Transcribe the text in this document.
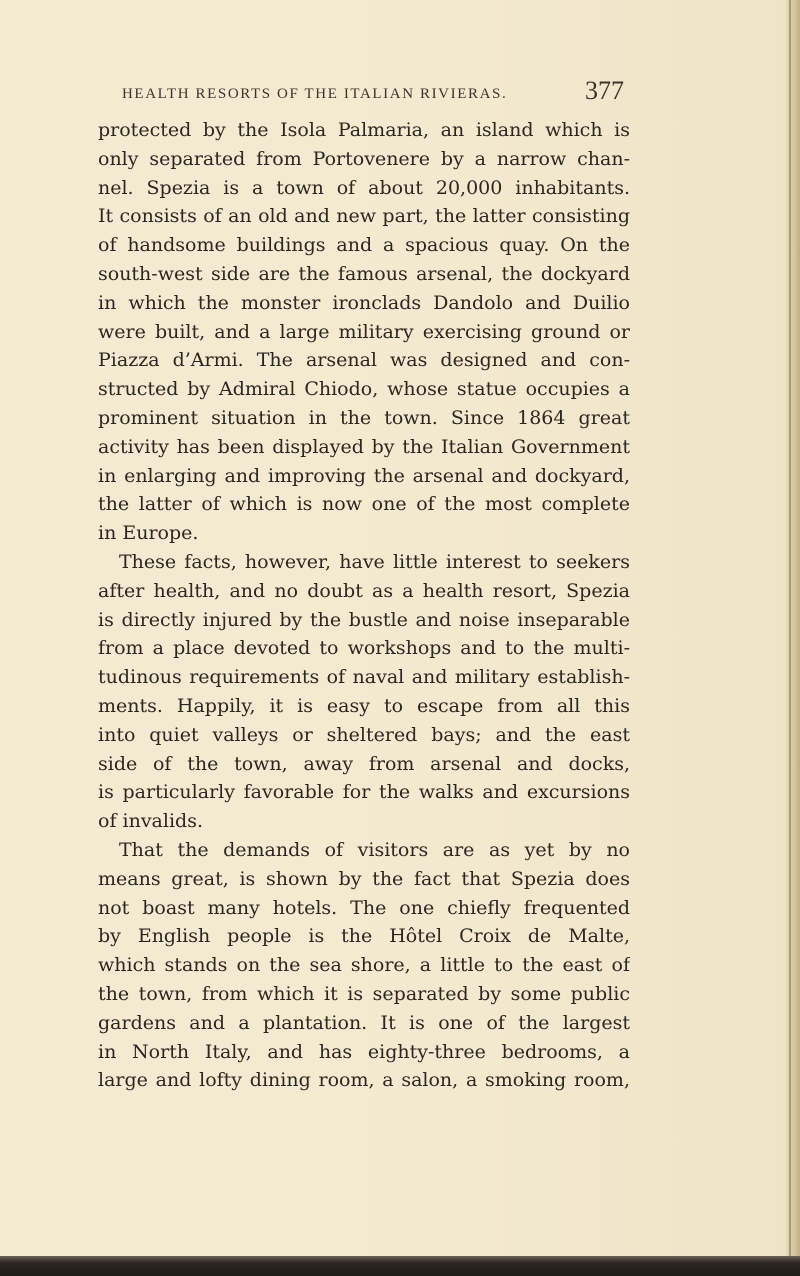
HEALTH RESORTS OF THE ITALIAN RIVIERAS.	377
protected by the Isola Palmaria, an island which is
only separated from Portovenere by a narrow chan-
nel. Spezia is a town of about 20,000 inhabitants.
It consists of an old and new part, the latter consisting
of handsome buildings and a spacious quay. On the
south-west side are the famous arsenal, the dockyard
in which the monster ironclads Dandolo and Duilio
were built, and a large military exercising ground or
Piazza d’Armi. The arsenal was designed and con-
structed by Admiral Chiodo, whose statue occupies a
prominent situation in the town. Since 1864 great
activity has been displayed by the Italian Government
in enlarging and improving the arsenal and dockyard,
the latter of which is now one of the most complete
in Europe.
These facts, however, have little interest to seekers
after health, and no doubt as a health resort, Spezia
is directly injured by the bustle and noise inseparable
from a place devoted to workshops and to the multi-
tudinous requirements of naval and military establish-
ments. Happily, it is easy to escape from all this
into quiet valleys or sheltered bays; and the east
side of the town, away from arsenal and docks,
is particularly favorable for the walks and excursions
of invalids.
That the demands of visitors are as yet by no
means great, is shown by the fact that Spezia does
not boast many hotels. The one chiefly frequented
by English people is the Hôtel Croix de Malte,
which stands on the sea shore, a little to the east of
the town, from which it is separated by some public
gardens and a plantation. It is one of the largest
in North Italy, and has eighty-three bedrooms, a
large and lofty dining room, a salon, a smoking room,
